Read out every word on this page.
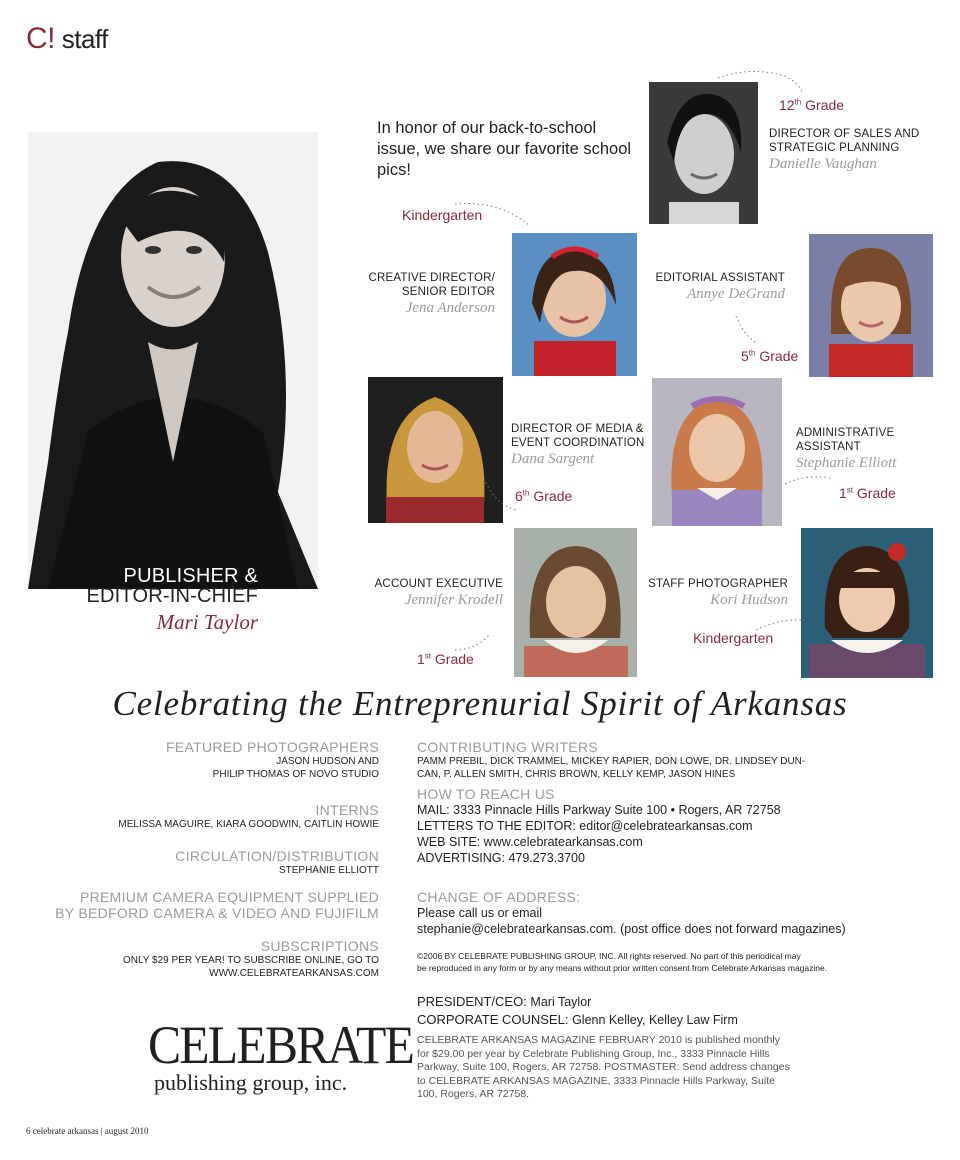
C! staff
PUBLISHER &
EDITOR-IN-CHIEF
Mari Taylor
In honor of our back-to-school issue, we share our favorite school pics!
12th Grade
DIRECTOR OF SALES AND
STRATEGIC PLANNING
Danielle Vaughan
Kindergarten
CREATIVE DIRECTOR/
SENIOR EDITOR
Jena Anderson
EDITORIAL ASSISTANT
Annye DeGrand
5th Grade
DIRECTOR OF MEDIA &
EVENT COORDINATION
Dana Sargent
6th Grade
ADMINISTRATIVE
ASSISTANT
Stephanie Elliott
1st Grade
ACCOUNT EXECUTIVE
Jennifer Krodell
1st Grade
STAFF PHOTOGRAPHER
Kori Hudson
Kindergarten
Celebrating the Entreprenurial Spirit of Arkansas
FEATURED PHOTOGRAPHERS
JASON HUDSON AND
PHILIP THOMAS OF NOVO STUDIO
INTERNS
MELISSA MAGUIRE, KIARA GOODWIN, CAITLIN HOWIE
CIRCULATION/DISTRIBUTION
STEPHANIE ELLIOTT
PREMIUM CAMERA EQUIPMENT SUPPLIED
BY BEDFORD CAMERA & VIDEO AND FUJIFILM
SUBSCRIPTIONS
ONLY $29 PER YEAR! TO SUBSCRIBE ONLINE, GO TO
WWW.CELEBRATEARKANSAS.COM
CELEBRATE
publishing group, inc.
CONTRIBUTING WRITERS
PAMM PREBIL, DICK TRAMMEL, MICKEY RAPIER, DON LOWE, DR. LINDSEY DUN-
CAN, P. ALLEN SMITH, CHRIS BROWN, KELLY KEMP, JASON HINES
HOW TO REACH US
MAIL: 3333 Pinnacle Hills Parkway Suite 100 • Rogers, AR 72758
LETTERS TO THE EDITOR: editor@celebratearkansas.com
WEB SITE: www.celebratearkansas.com
ADVERTISING: 479.273.3700
CHANGE OF ADDRESS:
Please call us or email
stephanie@celebratearkansas.com. (post office does not forward magazines)
©2006 BY CELEBRATE PUBLISHING GROUP, INC. All rights reserved. No part of this periodical may
be reproduced in any form or by any means without prior written consent from Celebrate Arkansas magazine.
PRESIDENT/CEO: Mari Taylor
CORPORATE COUNSEL: Glenn Kelley, Kelley Law Firm
CELEBRATE ARKANSAS MAGAZINE FEBRUARY 2010 is published monthly
for $29.00 per year by Celebrate Publishing Group, Inc., 3333 Pinnacle Hills
Parkway, Suite 100, Rogers, AR 72758. POSTMASTER: Send address changes
to CELEBRATE ARKANSAS MAGAZINE, 3333 Pinnacle Hills Parkway, Suite
100, Rogers, AR 72758.
6 celebrate arkansas | august 2010
